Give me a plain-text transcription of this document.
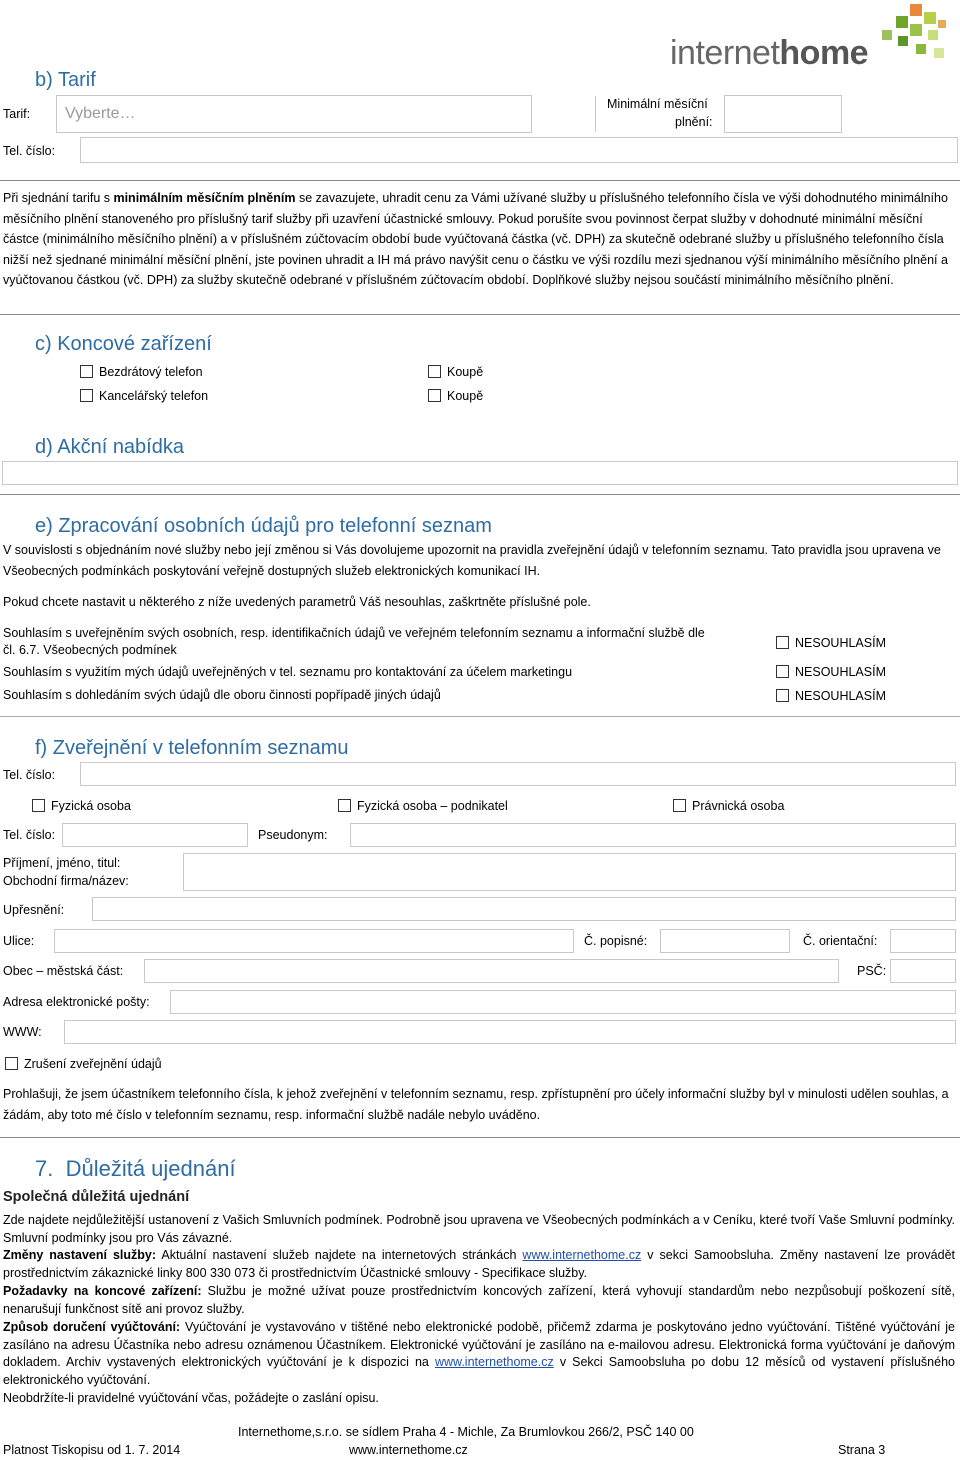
internethome
b) Tarif
Tarif: Vyberte…
Minimální měsíční
plnění:
Tel. číslo:
Při sjednání tarifu s minimálním měsíčním plněním se zavazujete, uhradit cenu za Vámi užívané služby u příslušného telefonního čísla ve výši dohodnutého minimálního měsíčního plnění stanoveného pro příslušný tarif služby při uzavření účastnické smlouvy. Pokud porušíte svou povinnost čerpat služby v dohodnuté minimální měsíční částce (minimálního měsíčního plnění) a v příslušném zúčtovacím období bude vyúčtovaná částka (vč. DPH) za skutečně odebrané služby u příslušného telefonního čísla nižší než sjednané minimální měsíční plnění, jste povinen uhradit a IH má právo navýšit cenu o částku ve výši rozdílu mezi sjednanou výší minimálního měsíčního plnění a vyúčtovanou částkou (vč. DPH) za služby skutečně odebrané v příslušném zúčtovacím období. Doplňkové služby nejsou součástí minimálního měsíčního plnění.
c) Koncové zařízení
Bezdrátový telefon	Koupě
Kancelářský telefon	Koupě
d) Akční nabídka
e) Zpracování osobních údajů pro telefonní seznam
V souvislosti s objednáním nové služby nebo její změnou si Vás dovolujeme upozornit na pravidla zveřejnění údajů v telefonním seznamu. Tato pravidla jsou upravena ve Všeobecných podmínkách poskytování veřejně dostupných služeb elektronických komunikací IH.
Pokud chcete nastavit u některého z níže uvedených parametrů Váš nesouhlas, zaškrtněte příslušné pole.
Souhlasím s uveřejněním svých osobních, resp. identifikačních údajů ve veřejném telefonním seznamu a informační službě dle
čl. 6.7. Všeobecných podmínek	NESOUHLASÍM
Souhlasím s využitím mých údajů uveřejněných v tel. seznamu pro kontaktování za účelem marketingu	NESOUHLASÍM
Souhlasím s dohledáním svých údajů dle oboru činnosti popřípadě jiných údajů	NESOUHLASÍM
f) Zveřejnění v telefonním seznamu
Tel. číslo:
Fyzická osoba	Fyzická osoba – podnikatel	Právnická osoba
Tel. číslo:	Pseudonym:
Příjmení, jméno, titul:
Obchodní firma/název:
Upřesnění:
Ulice:	Č. popisné:	Č. orientační:
Obec – městská část:	PSČ:
Adresa elektronické pošty:
WWW:
Zrušení zveřejnění údajů
Prohlašuji, že jsem účastníkem telefonního čísla, k jehož zveřejnění v telefonním seznamu, resp. zpřístupnění pro účely informační služby byl v minulosti udělen souhlas, a žádám, aby toto mé číslo v telefonním seznamu, resp. informační službě nadále nebylo uváděno.
7.  Důležitá ujednání
Společná důležitá ujednání
Zde najdete nejdůležitější ustanovení z Vašich Smluvních podmínek. Podrobně jsou upravena ve Všeobecných podmínkách a v Ceníku, které tvoří Vaše Smluvní podmínky. Smluvní podmínky jsou pro Vás závazné.
Změny nastavení služby: Aktuální nastavení služeb najdete na internetových stránkách www.internethome.cz v sekci Samoobsluha. Změny nastavení lze provádět prostřednictvím zákaznické linky 800 330 073 či prostřednictvím Účastnické smlouvy - Specifikace služby.
Požadavky na koncové zařízení: Službu je možné užívat pouze prostřednictvím koncových zařízení, která vyhovují standardům nebo nezpůsobují poškození sítě, nenarušují funkčnost sítě ani provoz služby.
Způsob doručení vyúčtování: Vyúčtování je vystavováno v tištěné nebo elektronické podobě, přičemž zdarma je poskytováno jedno vyúčtování. Tištěné vyúčtování je zasíláno na adresu Účastníka nebo adresu oznámenou Účastníkem. Elektronické vyúčtování je zasíláno na e-mailovou adresu. Elektronická forma vyúčtování je daňovým dokladem. Archiv vystavených elektronických vyúčtování je k dispozici na www.internethome.cz v Sekci Samoobsluha po dobu 12 měsíců od vystavení příslušného elektronického vyúčtování.
Neobdržíte-li pravidelné vyúčtování včas, požádejte o zaslání opisu.
Internethome,s.r.o. se sídlem Praha 4 - Michle, Za Brumlovkou 266/2, PSČ 140 00
Platnost Tiskopisu od 1. 7. 2014	www.internethome.cz	Strana 3
